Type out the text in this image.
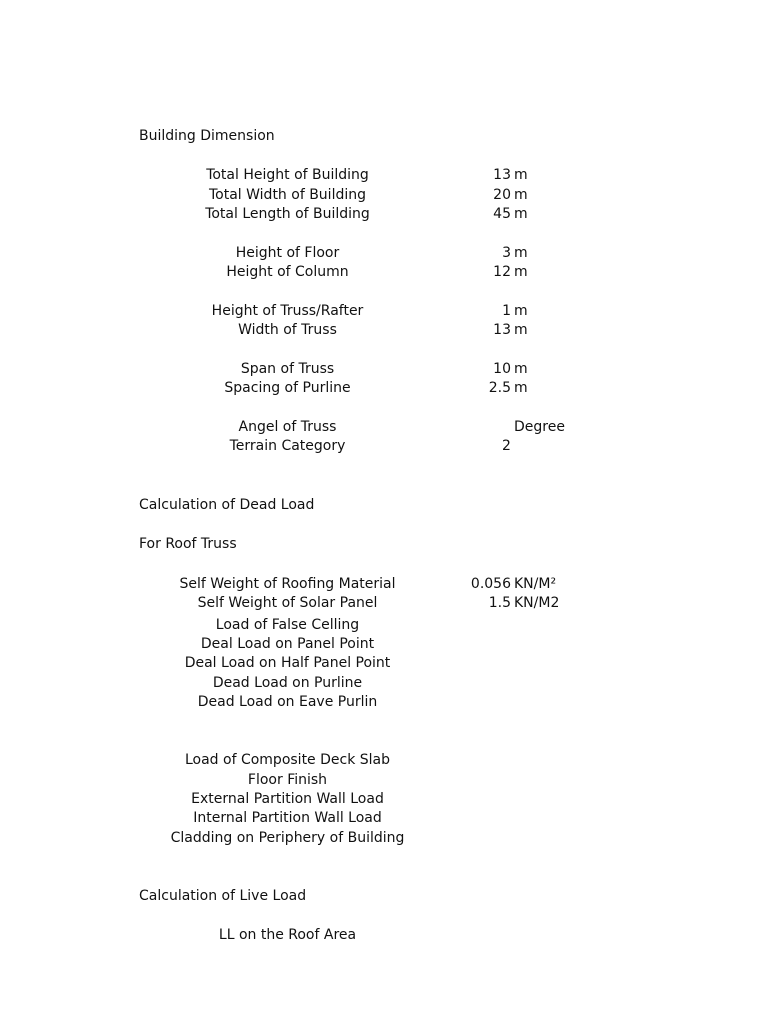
Building Dimension
Total Height of Building	13 m
Total Width of Building	20 m
Total Length of Building	45 m
Height of Floor	3 m
Height of Column	12 m
Height of Truss/Rafter	1 m
Width of Truss	13 m
Span of Truss	10 m
Spacing of Purline	2.5 m
Angel of Truss	Degree
Terrain Category	2
Calculation of Dead Load
For Roof Truss
Self Weight of Roofing Material	0.056 KN/M²
Self Weight of Solar Panel	1.5 KN/M2
Load of False Celling
Deal Load on Panel Point
Deal Load on Half Panel Point
Dead Load on Purline
Dead Load on Eave Purlin
Load of Composite Deck Slab
Floor Finish
External Partition Wall Load
Internal Partition Wall Load
Cladding on Periphery of Building
Calculation of Live Load
LL on the Roof Area
